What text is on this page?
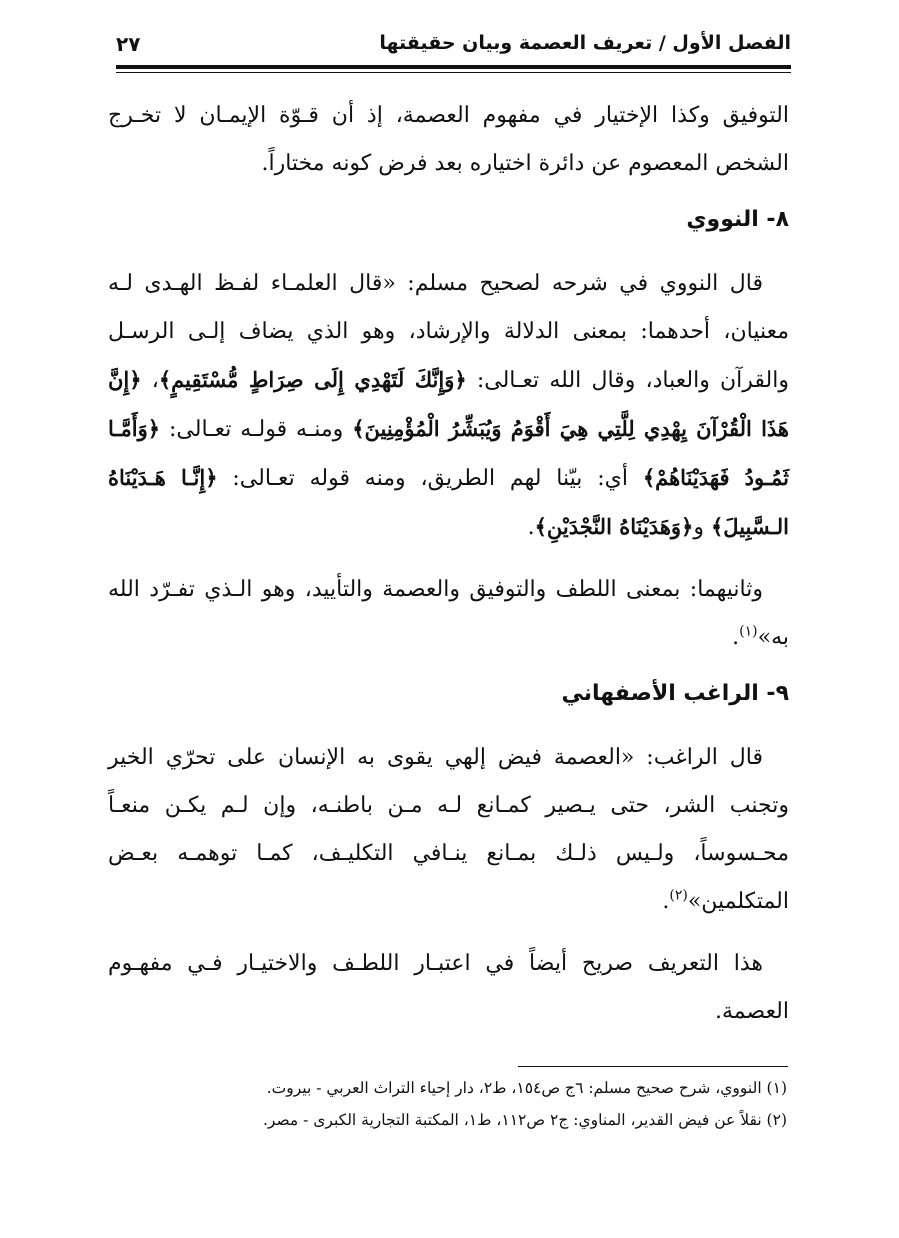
الفصل الأول / تعريف العصمة وبيان حقيقتها
٢٧

التوفيق وكذا الإختيار في مفهوم العصمة، إذ أن قـوّة الإيمـان لا تخـرج الشخص المعصوم عن دائرة اختياره بعد فرض كونه مختاراً.

٨- النووي

قال النووي في شرحه لصحيح مسلم: «قال العلمـاء لفـظ الهـدى لـه معنيان، أحدهما: بمعنى الدلالة والإرشاد، وهو الذي يضاف إلـى الرسـل والقرآن والعباد، وقال الله تعـالى: ﴿وَإِنَّكَ لَتَهْدِي إِلَى صِرَاطٍ مُّسْتَقِيمٍ﴾، ﴿إِنَّ هَذَا الْقُرْآنَ يِهْدِي لِلَّتِي هِيَ أَقْوَمُ وَيُبَشِّرُ الْمُؤْمِنِينَ﴾ ومنـه قولـه تعـالى: ﴿وَأَمَّـا ثَمُـودُ فَهَدَيْنَاهُمْ﴾ أي: بيّنا لهم الطريق، ومنه قوله تعـالى: ﴿إِنَّـا هَـدَيْنَاهُ الـسَّبِيلَ﴾ و﴿وَهَدَيْنَاهُ النَّجْدَيْنِ﴾.

وثانيهما: بمعنى اللطف والتوفيق والعصمة والتأييد، وهو الـذي تفـرّد الله به»$^{(١)}$.

٩- الراغب الأصفهاني

قال الراغب: «العصمة فيض إلهي يقوى به الإنسان على تحرّي الخير وتجنب الشر، حتى يـصير كمـانع لـه مـن باطنـه، وإن لـم يكـن منعـاً محـسوساً، ولـيس ذلـك بمـانع ينـافي التكليـف، كمـا توهمـه بعـض المتكلمين»$^{(٢)}$.

هذا التعريف صريح أيضاً في اعتبـار اللطـف والاختيـار فـي مفهـوم العصمة.

(١) النووي، شرح صحيح مسلم: ٦ج ص١٥٤، ط٢، دار إحياء التراث العربي - بيروت.
(٢) نقلاً عن فيض القدير، المناوي: ج٢ ص١١٢، ط١، المكتبة التجارية الكبرى - مصر.
